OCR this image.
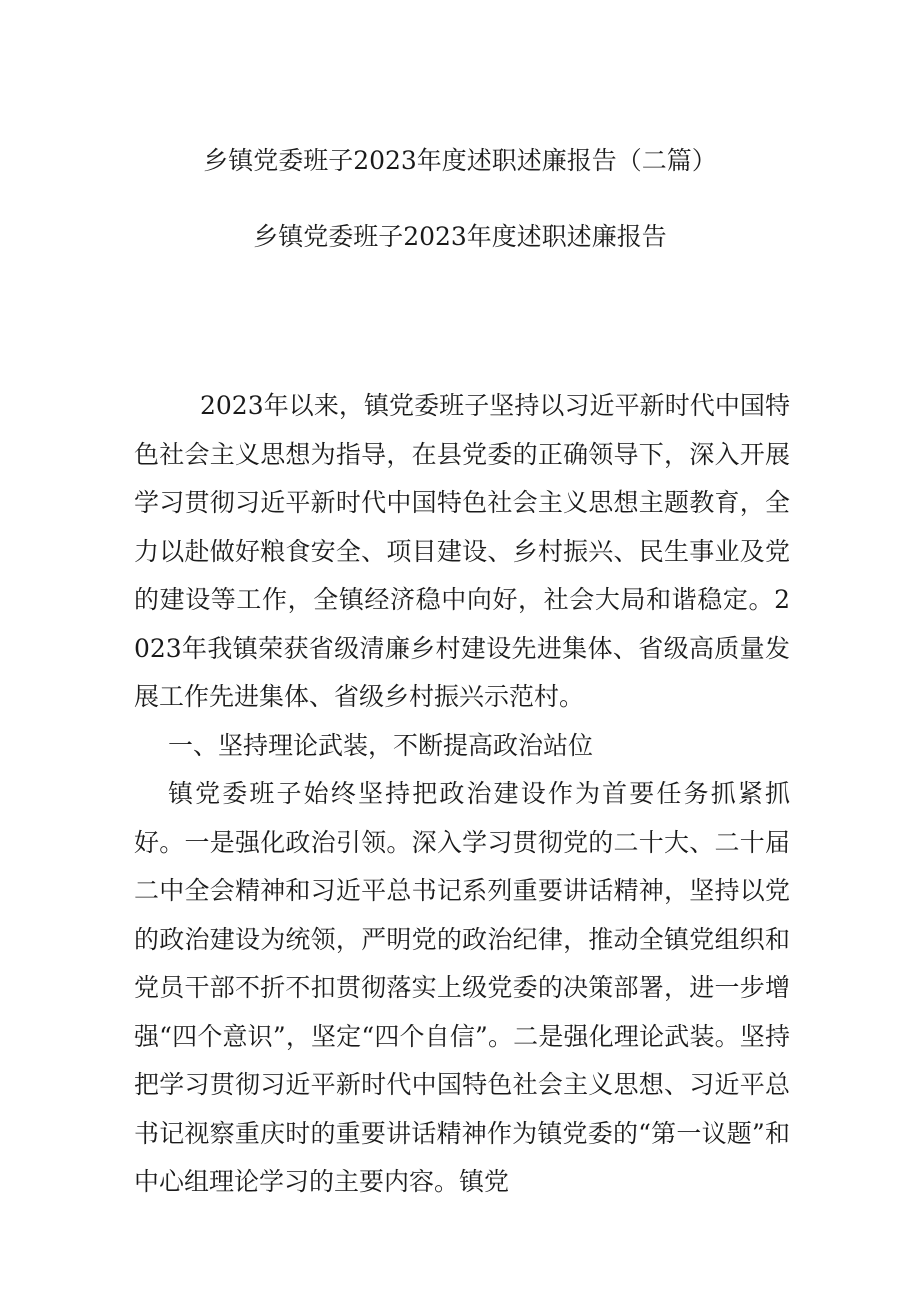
乡镇党委班子2023年度述职述廉报告（二篇）
乡镇党委班子2023年度述职述廉报告

2023年以来，镇党委班子坚持以习近平新时代中国特色社会主义思想为指导，在县党委的正确领导下，深入开展学习贯彻习近平新时代中国特色社会主义思想主题教育，全力以赴做好粮食安全、项目建设、乡村振兴、民生事业及党的建设等工作，全镇经济稳中向好，社会大局和谐稳定。2023年我镇荣获省级清廉乡村建设先进集体、省级高质量发展工作先进集体、省级乡村振兴示范村。

一、坚持理论武装，不断提高政治站位

镇党委班子始终坚持把政治建设作为首要任务抓紧抓好。一是强化政治引领。深入学习贯彻党的二十大、二十届二中全会精神和习近平总书记系列重要讲话精神，坚持以党的政治建设为统领，严明党的政治纪律，推动全镇党组织和党员干部不折不扣贯彻落实上级党委的决策部署，进一步增强“四个意识”，坚定“四个自信”。二是强化理论武装。坚持把学习贯彻习近平新时代中国特色社会主义思想、习近平总书记视察重庆时的重要讲话精神作为镇党委的“第一议题”和中心组理论学习的主要内容。镇党
